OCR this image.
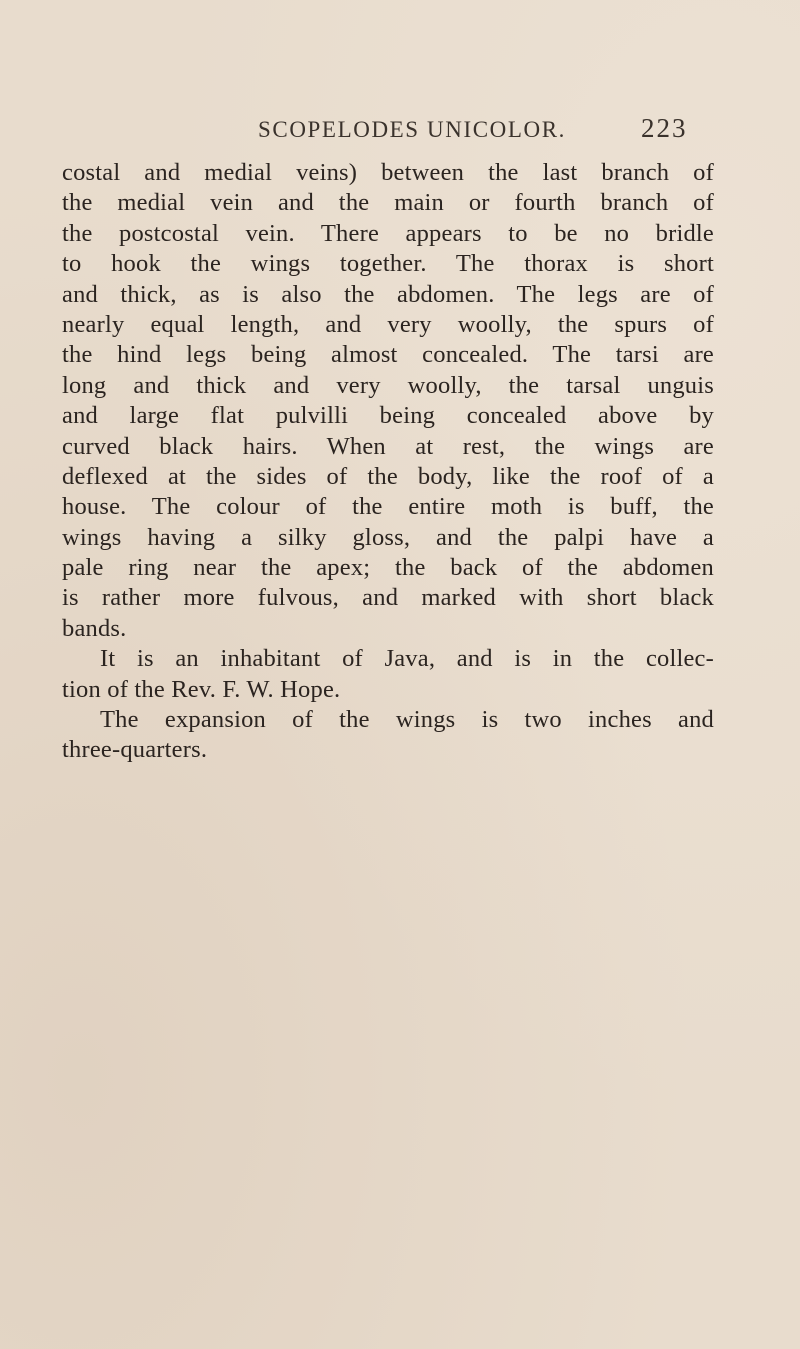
SCOPELODES UNICOLOR.	223
costal and medial veins) between the last branch of
the medial vein and the main or fourth branch of
the postcostal vein. There appears to be no bridle
to hook the wings together. The thorax is short
and thick, as is also the abdomen. The legs are of
nearly equal length, and very woolly, the spurs of
the hind legs being almost concealed. The tarsi are
long and thick and very woolly, the tarsal unguis
and large flat pulvilli being concealed above by
curved black hairs. When at rest, the wings are
deflexed at the sides of the body, like the roof of a
house. The colour of the entire moth is buff, the
wings having a silky gloss, and the palpi have a
pale ring near the apex; the back of the abdomen
is rather more fulvous, and marked with short black
bands.
It is an inhabitant of Java, and is in the collec-
tion of the Rev. F. W. Hope.
The expansion of the wings is two inches and
three-quarters.
